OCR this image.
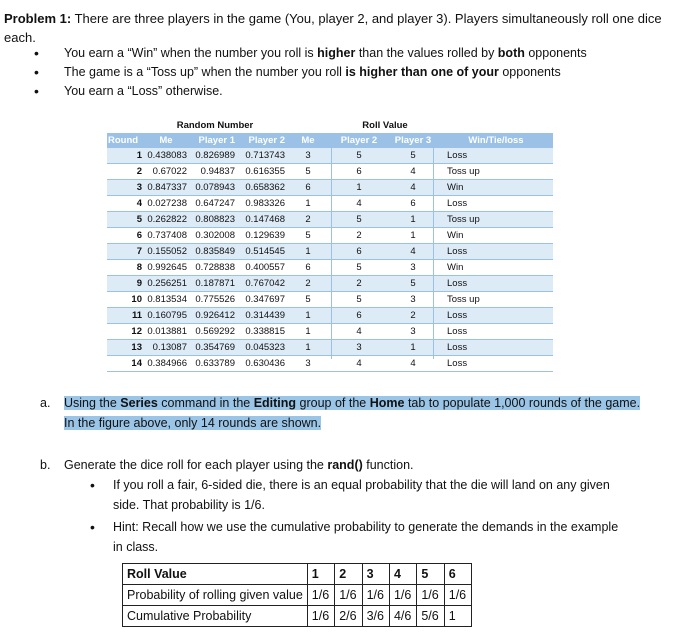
Problem 1: There are three players in the game (You, player 2, and player 3). Players simultaneously roll one dice each.
• You earn a “Win” when the number you roll is higher than the values rolled by both opponents
• The game is a “Toss up” when the number you roll is higher than one of your opponents
• You earn a “Loss” otherwise.
	Random Number				Roll Value		
Round	Me	Player 1	Player 2	Me	Player 2	Player 3	Win/Tie/loss
1	0.438083	0.826989	0.713743	3	5	5	Loss
2	0.67022	0.94837	0.616355	5	6	4	Toss up
3	0.847337	0.078943	0.658362	6	1	4	Win
4	0.027238	0.647247	0.983326	1	4	6	Loss
5	0.262822	0.808823	0.147468	2	5	1	Toss up
6	0.737408	0.302008	0.129639	5	2	1	Win
7	0.155052	0.835849	0.514545	1	6	4	Loss
8	0.992645	0.728838	0.400557	6	5	3	Win
9	0.256251	0.187871	0.767042	2	2	5	Loss
10	0.813534	0.775526	0.347697	5	5	3	Toss up
11	0.160795	0.926412	0.314439	1	6	2	Loss
12	0.013881	0.569292	0.338815	1	4	3	Loss
13	0.13087	0.354769	0.045323	1	3	1	Loss
14	0.384966	0.633789	0.630436	3	4	4	Loss
a. Using the Series command in the Editing group of the Home tab to populate 1,000 rounds of the game. In the figure above, only 14 rounds are shown.
b. Generate the dice roll for each player using the rand() function.
• If you roll a fair, 6-sided die, there is an equal probability that the die will land on any given side. That probability is 1/6.
• Hint: Recall how we use the cumulative probability to generate the demands in the example in class.
Roll Value	1	2	3	4	5	6
Probability of rolling given value	1/6	1/6	1/6	1/6	1/6	1/6
Cumulative Probability	1/6	2/6	3/6	4/6	5/6	1
